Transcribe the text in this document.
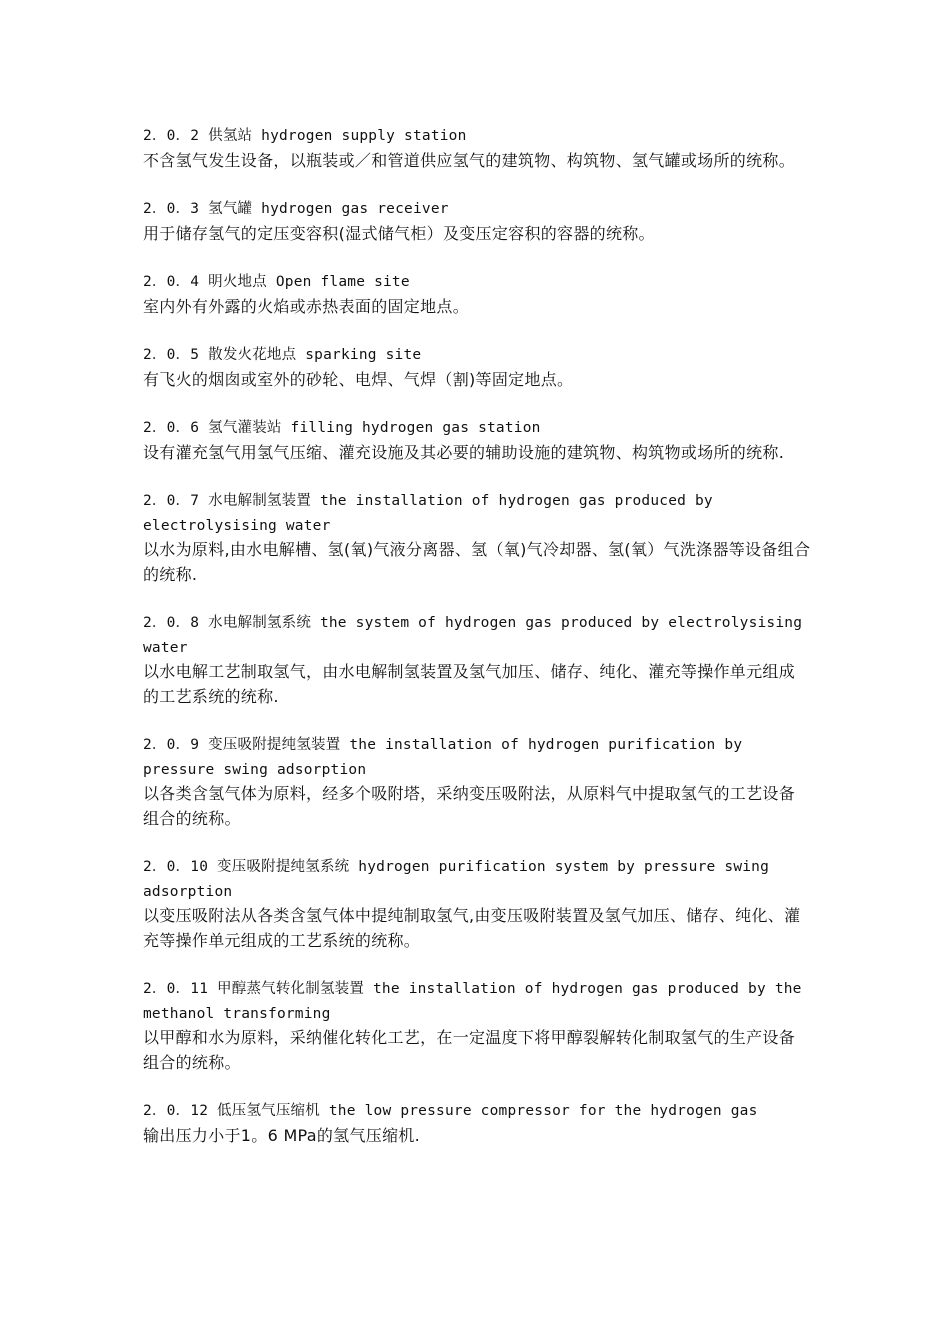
2．0．2 供氢站 hydrogen supply station
不含氢气发生设备，以瓶装或／和管道供应氢气的建筑物、构筑物、氢气罐或场所的统称。
2．0．3 氢气罐 hydrogen gas receiver
用于储存氢气的定压变容积(湿式储气柜）及变压定容积的容器的统称。
2．0．4 明火地点 Open flame site
室内外有外露的火焰或赤热表面的固定地点。
2．0．5 散发火花地点 sparking site
有飞火的烟囱或室外的砂轮、电焊、气焊（割)等固定地点。
2．0．6 氢气灌装站 filling hydrogen gas station
设有灌充氢气用氢气压缩、灌充设施及其必要的辅助设施的建筑物、构筑物或场所的统称.
2．0．7 水电解制氢装置 the installation of hydrogen gas produced by electrolysising water
以水为原料,由水电解槽、氢(氧)气液分离器、氢（氧)气冷却器、氢(氧）气洗涤器等设备组合的统称.
2．0．8 水电解制氢系统 the system of hydrogen gas produced by electrolysising water
以水电解工艺制取氢气，由水电解制氢装置及氢气加压、储存、纯化、灌充等操作单元组成的工艺系统的统称.
2．0．9 变压吸附提纯氢装置 the installation of hydrogen purification by pressure swing adsorption
以各类含氢气体为原料，经多个吸附塔，采纳变压吸附法，从原料气中提取氢气的工艺设备组合的统称。
2．0．10 变压吸附提纯氢系统 hydrogen purification system by pressure swing adsorption
以变压吸附法从各类含氢气体中提纯制取氢气,由变压吸附装置及氢气加压、储存、纯化、灌充等操作单元组成的工艺系统的统称。
2．0．11 甲醇蒸气转化制氢装置 the installation of hydrogen gas produced by the methanol transforming
以甲醇和水为原料，采纳催化转化工艺，在一定温度下将甲醇裂解转化制取氢气的生产设备组合的统称。
2．0．12 低压氢气压缩机 the low pressure compressor for the hydrogen gas
输出压力小于1。6 MPa的氢气压缩机.
